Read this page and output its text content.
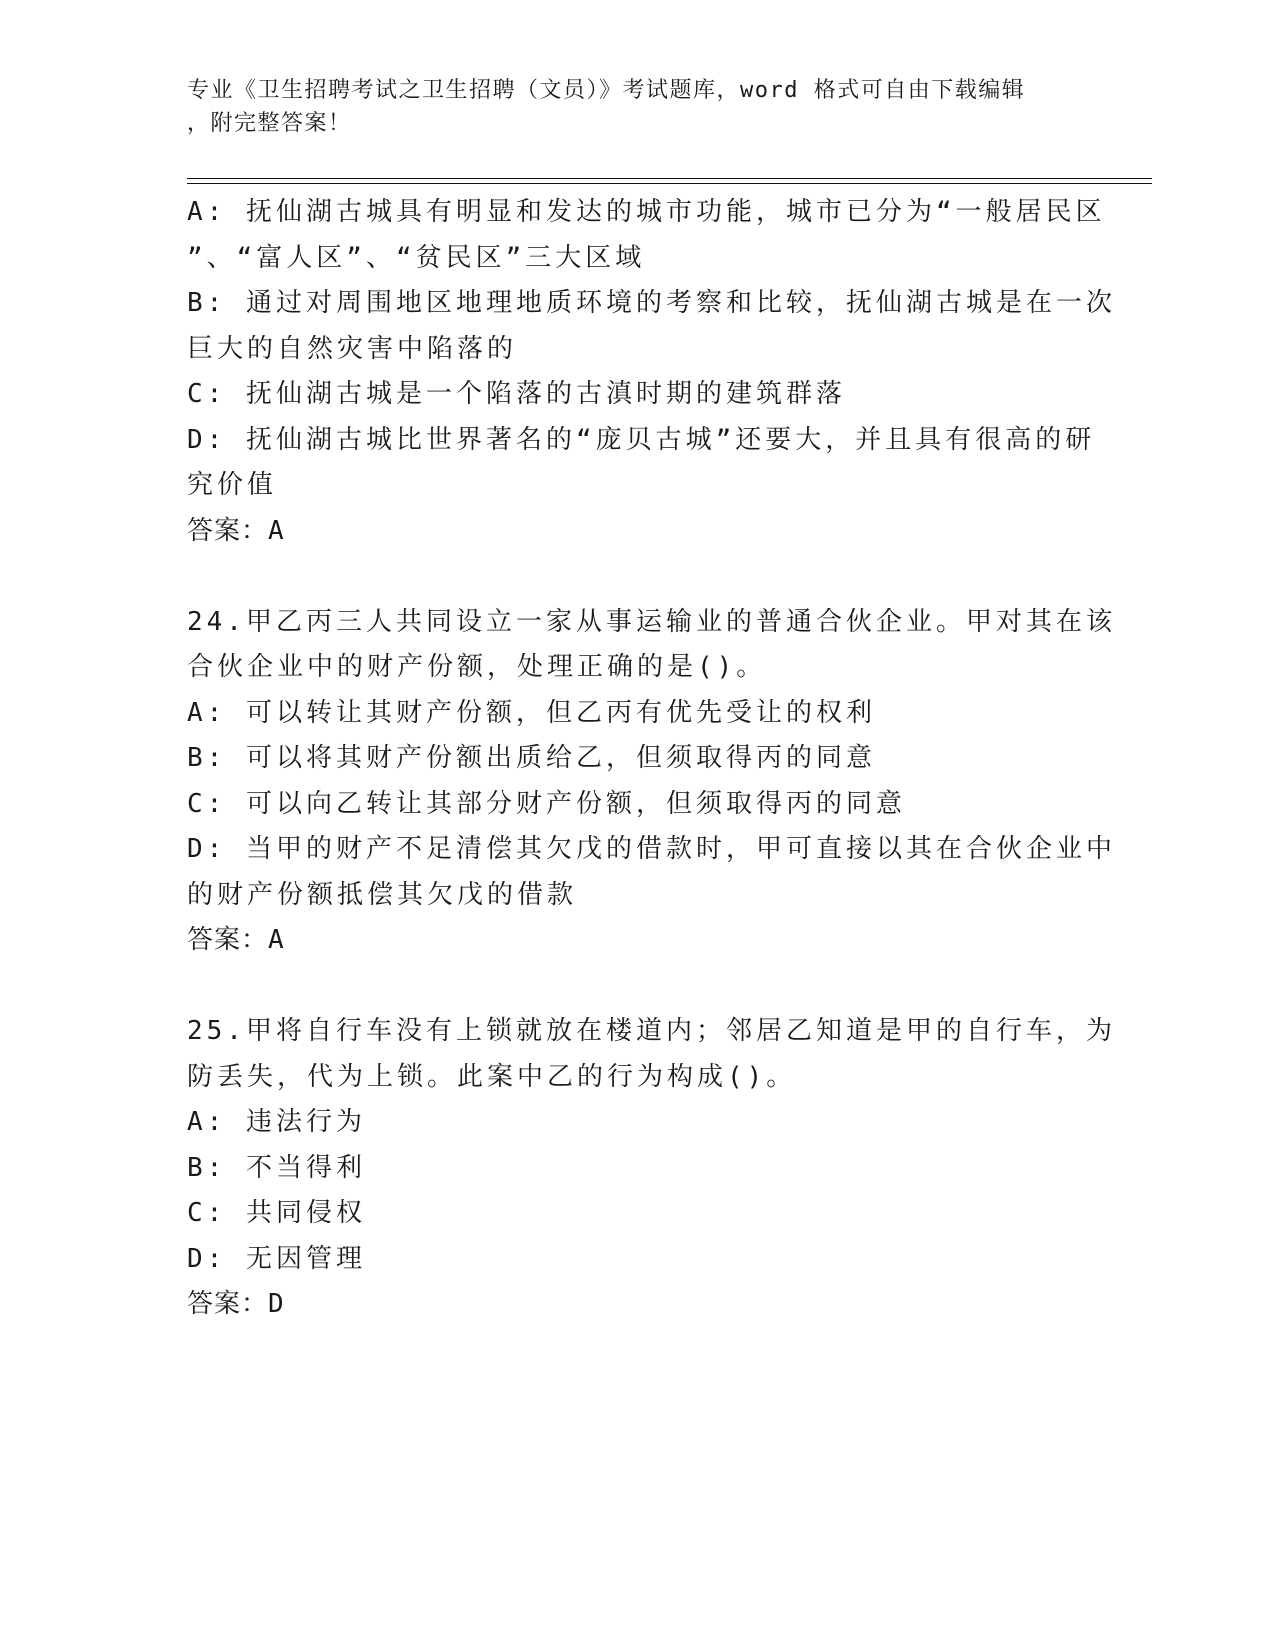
专业《卫生招聘考试之卫生招聘（文员）》考试题库，word 格式可自由下载编辑
，附完整答案！
A: 抚仙湖古城具有明显和发达的城市功能，城市已分为“一般居民区
”、“富人区”、“贫民区”三大区域
B: 通过对周围地区地理地质环境的考察和比较，抚仙湖古城是在一次
巨大的自然灾害中陷落的
C: 抚仙湖古城是一个陷落的古滇时期的建筑群落
D: 抚仙湖古城比世界著名的“庞贝古城”还要大，并且具有很高的研
究价值
答案：A
24.甲乙丙三人共同设立一家从事运输业的普通合伙企业。甲对其在该
合伙企业中的财产份额，处理正确的是()。
A: 可以转让其财产份额，但乙丙有优先受让的权利
B: 可以将其财产份额出质给乙，但须取得丙的同意
C: 可以向乙转让其部分财产份额，但须取得丙的同意
D: 当甲的财产不足清偿其欠戊的借款时，甲可直接以其在合伙企业中
的财产份额抵偿其欠戊的借款
答案：A
25.甲将自行车没有上锁就放在楼道内；邻居乙知道是甲的自行车，为
防丢失，代为上锁。此案中乙的行为构成()。
A: 违法行为
B: 不当得利
C: 共同侵权
D: 无因管理
答案：D
